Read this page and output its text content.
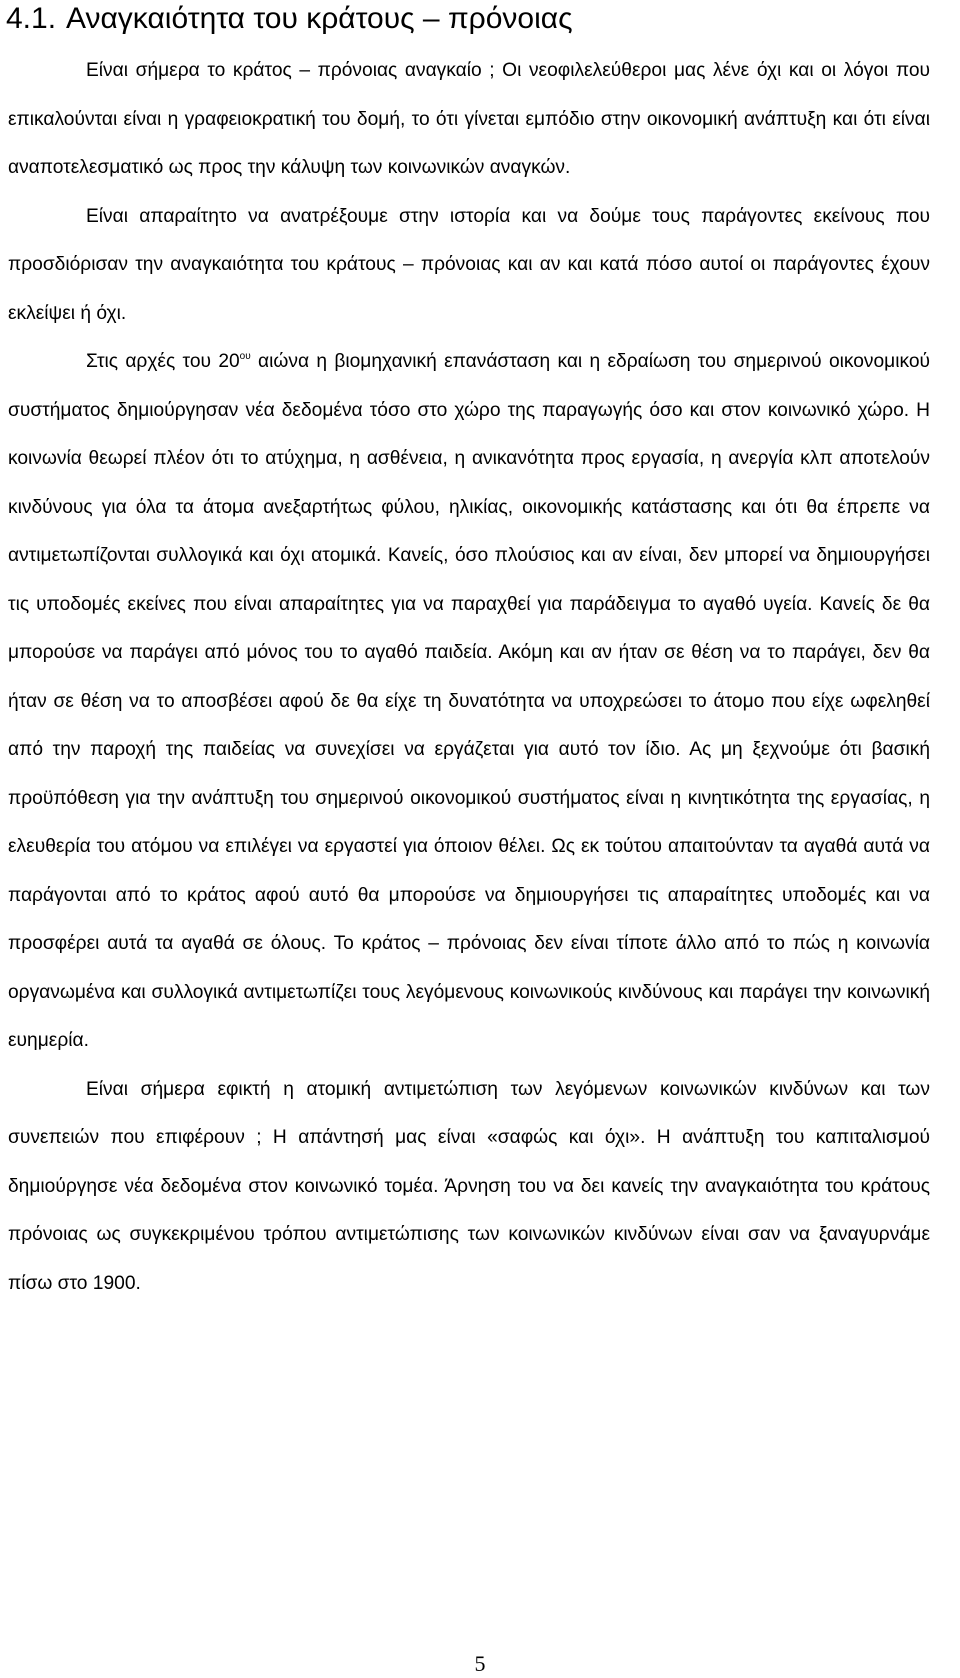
4.1. Αναγκαιότητα του κράτους – πρόνοιας

Είναι σήμερα το κράτος – πρόνοιας αναγκαίο ; Οι νεοφιλελεύθεροι μας λένε όχι και οι λόγοι που επικαλούνται είναι η γραφειοκρατική του δομή, το ότι γίνεται εμπόδιο στην οικονομική ανάπτυξη και ότι είναι αναποτελεσματικό ως προς την κάλυψη των κοινωνικών αναγκών.

Είναι απαραίτητο να ανατρέξουμε στην ιστορία και να δούμε τους παράγοντες εκείνους που προσδιόρισαν την αναγκαιότητα του κράτους – πρόνοιας και αν και κατά πόσο αυτοί οι παράγοντες έχουν εκλείψει ή όχι.

Στις αρχές του $20^{o\upsilon}$ αιώνα η βιομηχανική επανάσταση και η εδραίωση του σημερινού οικονομικού συστήματος δημιούργησαν νέα δεδομένα τόσο στο χώρο της παραγωγής όσο και στον κοινωνικό χώρο. Η κοινωνία θεωρεί πλέον ότι το ατύχημα, η ασθένεια, η ανικανότητα προς εργασία, η ανεργία κλπ αποτελούν κινδύνους για όλα τα άτομα ανεξαρτήτως φύλου, ηλικίας, οικονομικής κατάστασης και ότι θα έπρεπε να αντιμετωπίζονται συλλογικά και όχι ατομικά. Κανείς, όσο πλούσιος και αν είναι, δεν μπορεί να δημιουργήσει τις υποδομές εκείνες που είναι απαραίτητες για να παραχθεί για παράδειγμα το αγαθό υγεία. Κανείς δε θα μπορούσε να παράγει από μόνος του το αγαθό παιδεία. Ακόμη και αν ήταν σε θέση να το παράγει, δεν θα ήταν σε θέση να το αποσβέσει αφού δε θα είχε τη δυνατότητα να υποχρεώσει το άτομο που είχε ωφεληθεί από την παροχή της παιδείας να συνεχίσει να εργάζεται για αυτό τον ίδιο. Ας μη ξεχνούμε ότι βασική προϋπόθεση για την ανάπτυξη του σημερινού οικονομικού συστήματος είναι η κινητικότητα της εργασίας, η ελευθερία του ατόμου να επιλέγει να εργαστεί για όποιον θέλει. Ως εκ τούτου απαιτούνταν τα αγαθά αυτά να παράγονται από το κράτος αφού αυτό θα μπορούσε να δημιουργήσει τις απαραίτητες υποδομές και να προσφέρει αυτά τα αγαθά σε όλους. Το κράτος – πρόνοιας δεν είναι τίποτε άλλο από το πώς η κοινωνία οργανωμένα και συλλογικά αντιμετωπίζει τους λεγόμενους κοινωνικούς κινδύνους και παράγει την κοινωνική ευημερία.

Είναι σήμερα εφικτή η ατομική αντιμετώπιση των λεγόμενων κοινωνικών κινδύνων και των συνεπειών που επιφέρουν ; Η απάντησή μας είναι «σαφώς και όχι». Η ανάπτυξη του καπιταλισμού δημιούργησε νέα δεδομένα στον κοινωνικό τομέα. Άρνηση του να δει κανείς την αναγκαιότητα του κράτους πρόνοιας ως συγκεκριμένου τρόπου αντιμετώπισης των κοινωνικών κινδύνων είναι σαν να ξαναγυρνάμε πίσω στο 1900.

5
